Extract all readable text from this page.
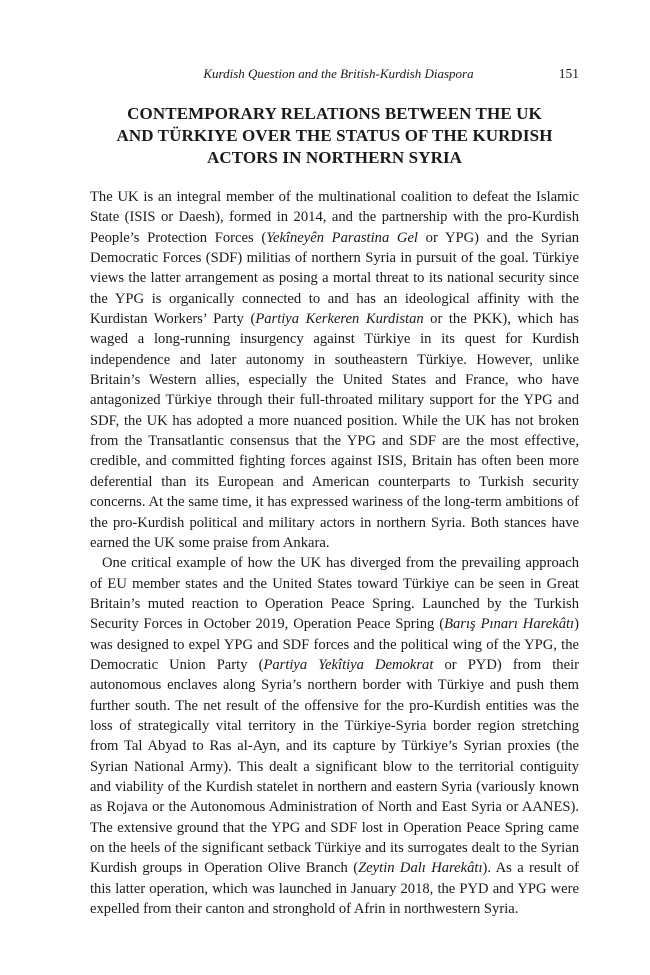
Kurdish Question and the British-Kurdish Diaspora	151
CONTEMPORARY RELATIONS BETWEEN THE UK
AND TÜRKIYE OVER THE STATUS OF THE KURDISH
ACTORS IN NORTHERN SYRIA

The UK is an integral member of the multinational coalition to defeat the Islamic State (ISIS or Daesh), formed in 2014, and the partnership with the pro-Kurdish People’s Protection Forces (Yekîneyên Parastina Gel or YPG) and the Syrian Democratic Forces (SDF) militias of northern Syria in pursuit of the goal. Türkiye views the latter arrangement as posing a mortal threat to its national security since the YPG is organically connected to and has an ideological affinity with the Kurdistan Workers’ Party (Partiya Kerkeren Kurdistan or the PKK), which has waged a long-running insurgency against Türkiye in its quest for Kurdish independence and later autonomy in southeastern Türkiye. However, unlike Britain’s Western allies, especially the United States and France, who have antagonized Türkiye through their full-throated military support for the YPG and SDF, the UK has adopted a more nuanced position. While the UK has not broken from the Transatlantic consensus that the YPG and SDF are the most effective, credible, and committed fighting forces against ISIS, Britain has often been more deferential than its European and American counterparts to Turkish security concerns. At the same time, it has expressed wariness of the long-term ambitions of the pro-Kurdish political and military actors in northern Syria. Both stances have earned the UK some praise from Ankara.

One critical example of how the UK has diverged from the prevailing approach of EU member states and the United States toward Türkiye can be seen in Great Britain’s muted reaction to Operation Peace Spring. Launched by the Turkish Security Forces in October 2019, Operation Peace Spring (Barış Pınarı Harekâtı) was designed to expel YPG and SDF forces and the political wing of the YPG, the Democratic Union Party (Partiya Yekîtiya Demokrat or PYD) from their autonomous enclaves along Syria’s northern border with Türkiye and push them further south. The net result of the offensive for the pro-Kurdish entities was the loss of strategically vital territory in the Türkiye-Syria border region stretching from Tal Abyad to Ras al-Ayn, and its capture by Türkiye’s Syrian proxies (the Syrian National Army). This dealt a significant blow to the territorial contiguity and viability of the Kurdish statelet in northern and eastern Syria (variously known as Rojava or the Autonomous Administration of North and East Syria or AANES). The extensive ground that the YPG and SDF lost in Operation Peace Spring came on the heels of the significant setback Türkiye and its surrogates dealt to the Syrian Kurdish groups in Operation Olive Branch (Zeytin Dalı Harekâtı). As a result of this latter operation, which was launched in January 2018, the PYD and YPG were expelled from their canton and stronghold of Afrin in northwestern Syria.
